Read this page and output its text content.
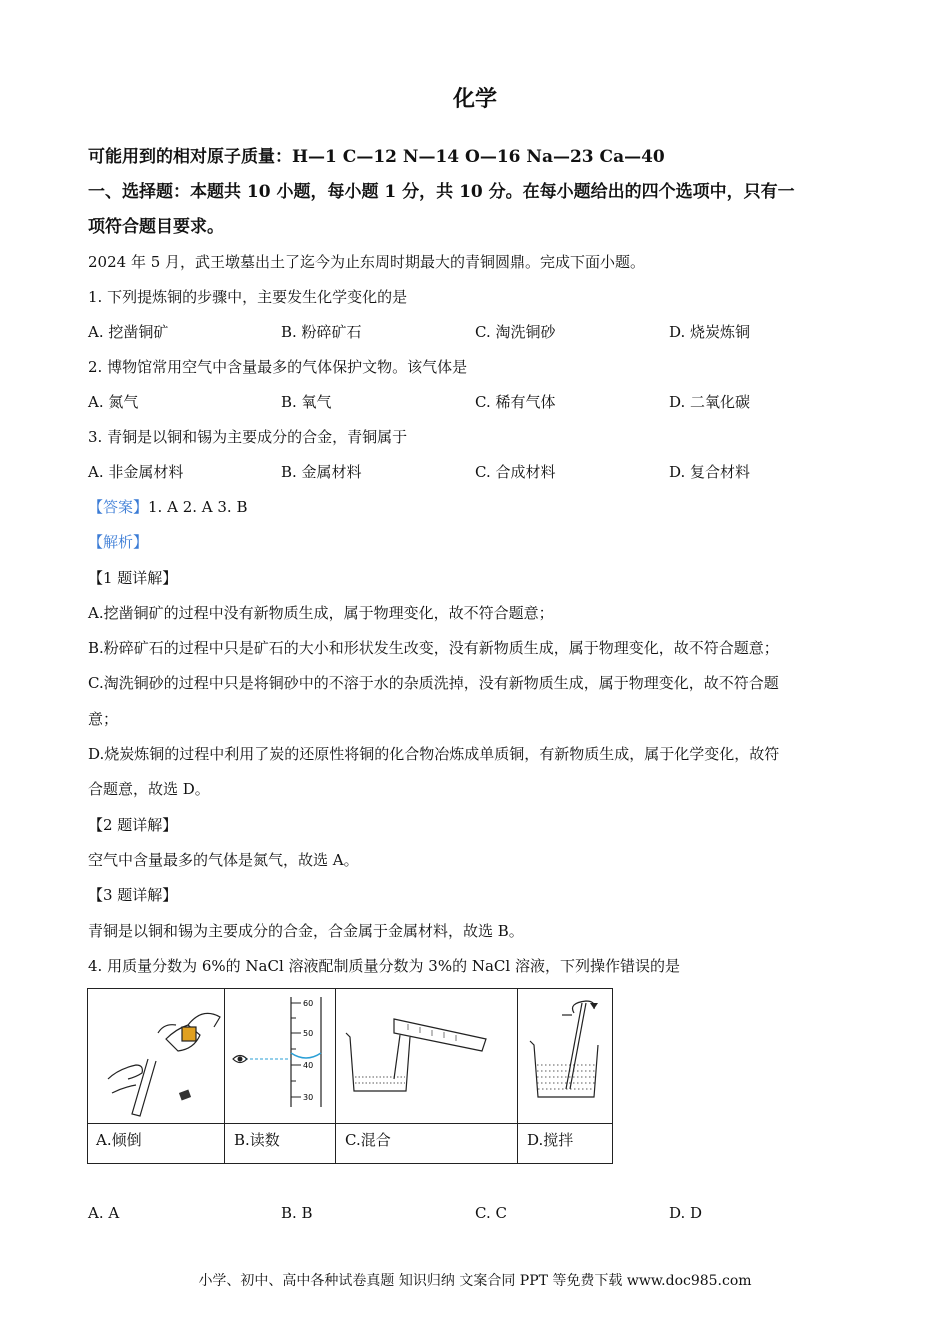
化学
可能用到的相对原子质量：H—1 C—12 N—14 O—16 Na—23 Ca—40
一、选择题：本题共 10 小题，每小题 1 分，共 10 分。在每小题给出的四个选项中，只有一
项符合题目要求。
2024 年 5 月，武王墩墓出土了迄今为止东周时期最大的青铜圆鼎。完成下面小题。
1. 下列提炼铜的步骤中，主要发生化学变化的是
A. 挖凿铜矿	B. 粉碎矿石	C. 淘洗铜砂	D. 烧炭炼铜
2. 博物馆常用空气中含量最多的气体保护文物。该气体是
A. 氮气	B. 氧气	C. 稀有气体	D. 二氧化碳
3. 青铜是以铜和锡为主要成分的合金，青铜属于
A. 非金属材料	B. 金属材料	C. 合成材料	D. 复合材料
【答案】1. A 2. A 3. B
【解析】
【1 题详解】
A.挖凿铜矿的过程中没有新物质生成，属于物理变化，故不符合题意；
B.粉碎矿石的过程中只是矿石的大小和形状发生改变，没有新物质生成，属于物理变化，故不符合题意；
C.淘洗铜砂的过程中只是将铜砂中的不溶于水的杂质洗掉，没有新物质生成，属于物理变化，故不符合题
意；
D.烧炭炼铜的过程中利用了炭的还原性将铜的化合物冶炼成单质铜，有新物质生成，属于化学变化，故符
合题意，故选 D。
【2 题详解】
空气中含量最多的气体是氮气，故选 A。
【3 题详解】
青铜是以铜和锡为主要成分的合金，合金属于金属材料，故选 B。
4. 用质量分数为 6%的 NaCl 溶液配制质量分数为 3%的 NaCl 溶液，下列操作错误的是
60
50
40
30
A.倾倒	B.读数	C.混合	D.搅拌
A. A	B. B	C. C	D. D
小学、初中、高中各种试卷真题 知识归纳 文案合同 PPT 等免费下载 www.doc985.com
